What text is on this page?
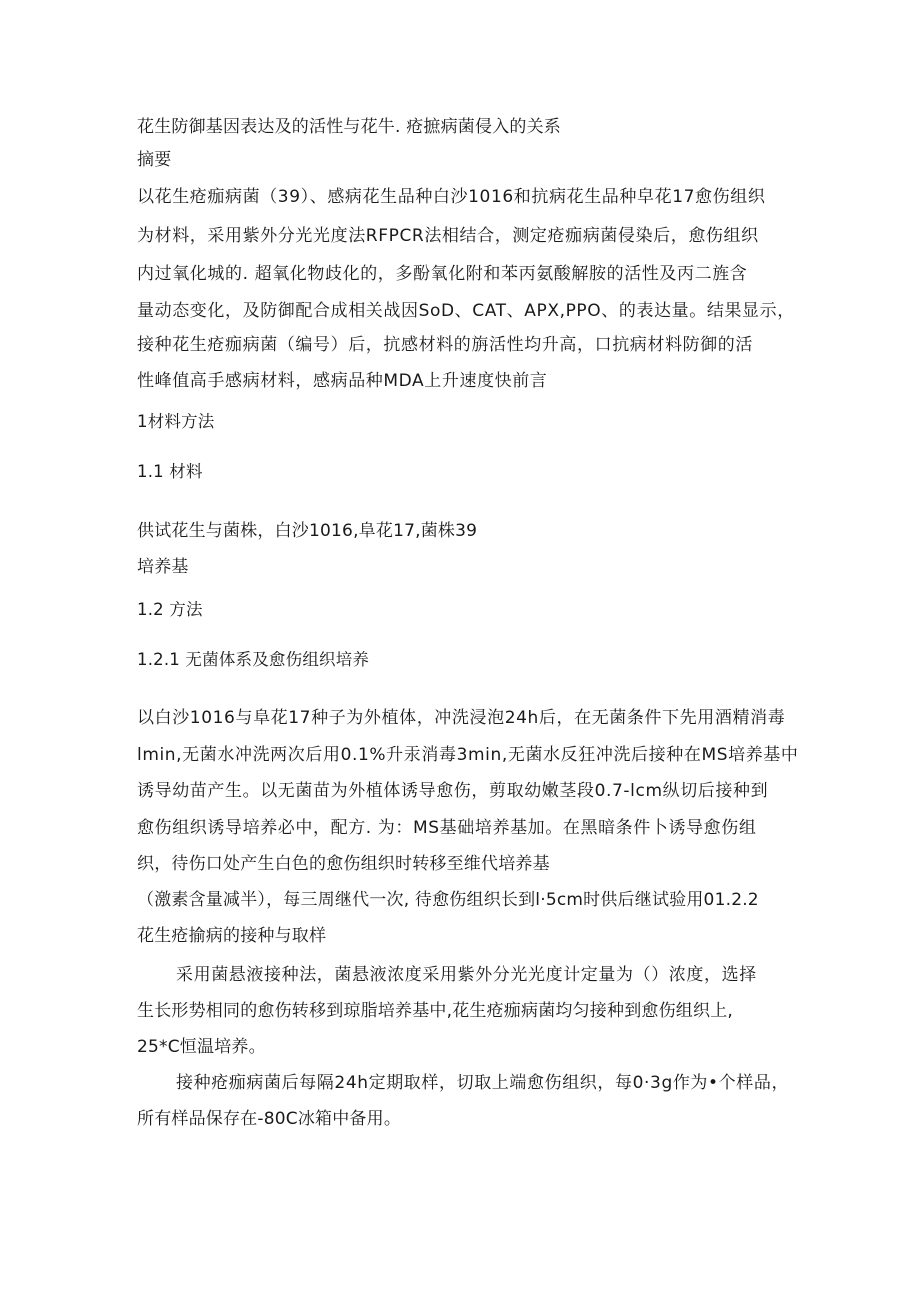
花生防御基因表达及的活性与花牛. 疮摭病菌侵入的关系
摘要
以花生疮痂病菌（39）、感病花生品种白沙1016和抗病花生品种皁花17愈伤组织
为材料，采用紫外分光光度法RFPCR法相结合，测定疮痂病菌侵染后，愈伤组织
内过氧化城的. 超氧化物歧化的，多酚氧化附和苯丙氨酸解胺的活性及丙二旌含
量动态变化，及防御配合成相关战因SoD、CAT、APX,PPO、的表达量。结果显示，
接种花生疮痂病菌（编号）后，抗感材料的旃活性均升高，口抗病材料防御的活
性峰值高手感病材料，感病品种MDA上升速度快前言
1材料方法
1.1 材料
供试花生与菌株，白沙1016,阜花17,菌株39
培养基
1.2 方法
1.2.1 无菌体系及愈伤组织培养
以白沙1016与阜花17种子为外植体，冲洗浸泡24h后，在无菌条件下先用酒精消毒
lmin,无菌水冲洗两次后用0.1%升汞消毒3min,无菌水反狂冲洗后接种在MS培养基中
诱导幼苗产生。以无菌苗为外植体诱导愈伤，剪取幼嫩茎段0.7-lcm纵切后接种到
愈伤组织诱导培养必中，配方. 为：MS基础培养基加。在黑暗条件卜诱导愈伤组
织，待伤口处产生白色的愈伤组织时转移至维代培养基
（激素含量减半），每三周继代一次, 待愈伤组织长到l·5cm时供后继试验用01.2.2
花生疮揄病的接种与取样
采用菌悬液接种法，菌悬液浓度采用紫外分光光度计定量为（）浓度，选择
生长形势相同的愈伤转移到琼脂培养基中,花生疮痂病菌均匀接种到愈伤组织上,
25*C恒温培养。
接种疮痂病菌后每隔24h定期取样，切取上端愈伤组织，每0·3g作为•个样品，
所有样品保存在-80C冰箱中备用。
